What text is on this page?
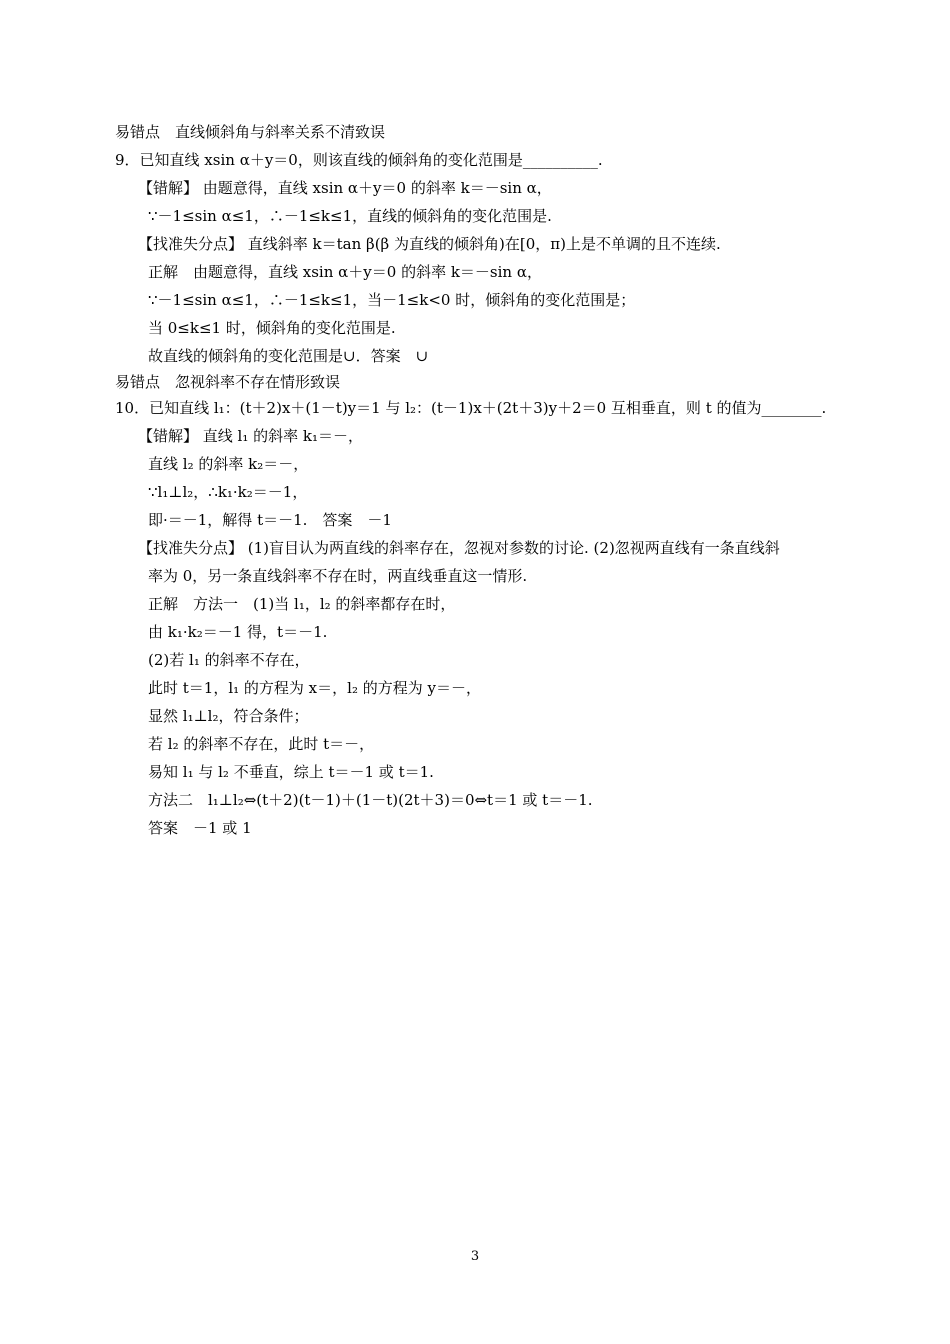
易错点　直线倾斜角与斜率关系不清致误
9．已知直线 xsin α＋y＝0，则该直线的倾斜角的变化范围是__________.
【错解】 由题意得，直线 xsin α＋y＝0 的斜率 k＝－sin α，
∵－1≤sin α≤1，∴－1≤k≤1，直线的倾斜角的变化范围是.
【找准失分点】 直线斜率 k＝tan β(β 为直线的倾斜角)在[0，π)上是不单调的且不连续.
正解　由题意得，直线 xsin α＋y＝0 的斜率 k＝－sin α，
∵－1≤sin α≤1，∴－1≤k≤1，当－1≤k<0 时，倾斜角的变化范围是；
当 0≤k≤1 时，倾斜角的变化范围是.
故直线的倾斜角的变化范围是∪．答案　∪
易错点　忽视斜率不存在情形致误
10．已知直线 l₁：(t＋2)x＋(1－t)y＝1 与 l₂：(t－1)x＋(2t＋3)y＋2＝0 互相垂直，则 t 的值为________.
【错解】 直线 l₁ 的斜率 k₁＝－，
直线 l₂ 的斜率 k₂＝－，
∵l₁⊥l₂，∴k₁·k₂＝－1，
即·＝－1，解得 t＝－1.　答案　－1
【找准失分点】 (1)盲目认为两直线的斜率存在，忽视对参数的讨论. (2)忽视两直线有一条直线斜
率为 0，另一条直线斜率不存在时，两直线垂直这一情形.
正解　方法一　(1)当 l₁，l₂ 的斜率都存在时，
由 k₁·k₂＝－1 得，t＝－1.
(2)若 l₁ 的斜率不存在，
此时 t＝1，l₁ 的方程为 x＝，l₂ 的方程为 y＝－，
显然 l₁⊥l₂，符合条件；
若 l₂ 的斜率不存在，此时 t＝－，
易知 l₁ 与 l₂ 不垂直，综上 t＝－1 或 t＝1.
方法二　l₁⊥l₂⇔(t＋2)(t－1)＋(1－t)(2t＋3)＝0⇔t＝1 或 t＝－1.
答案　－1 或 1
3
